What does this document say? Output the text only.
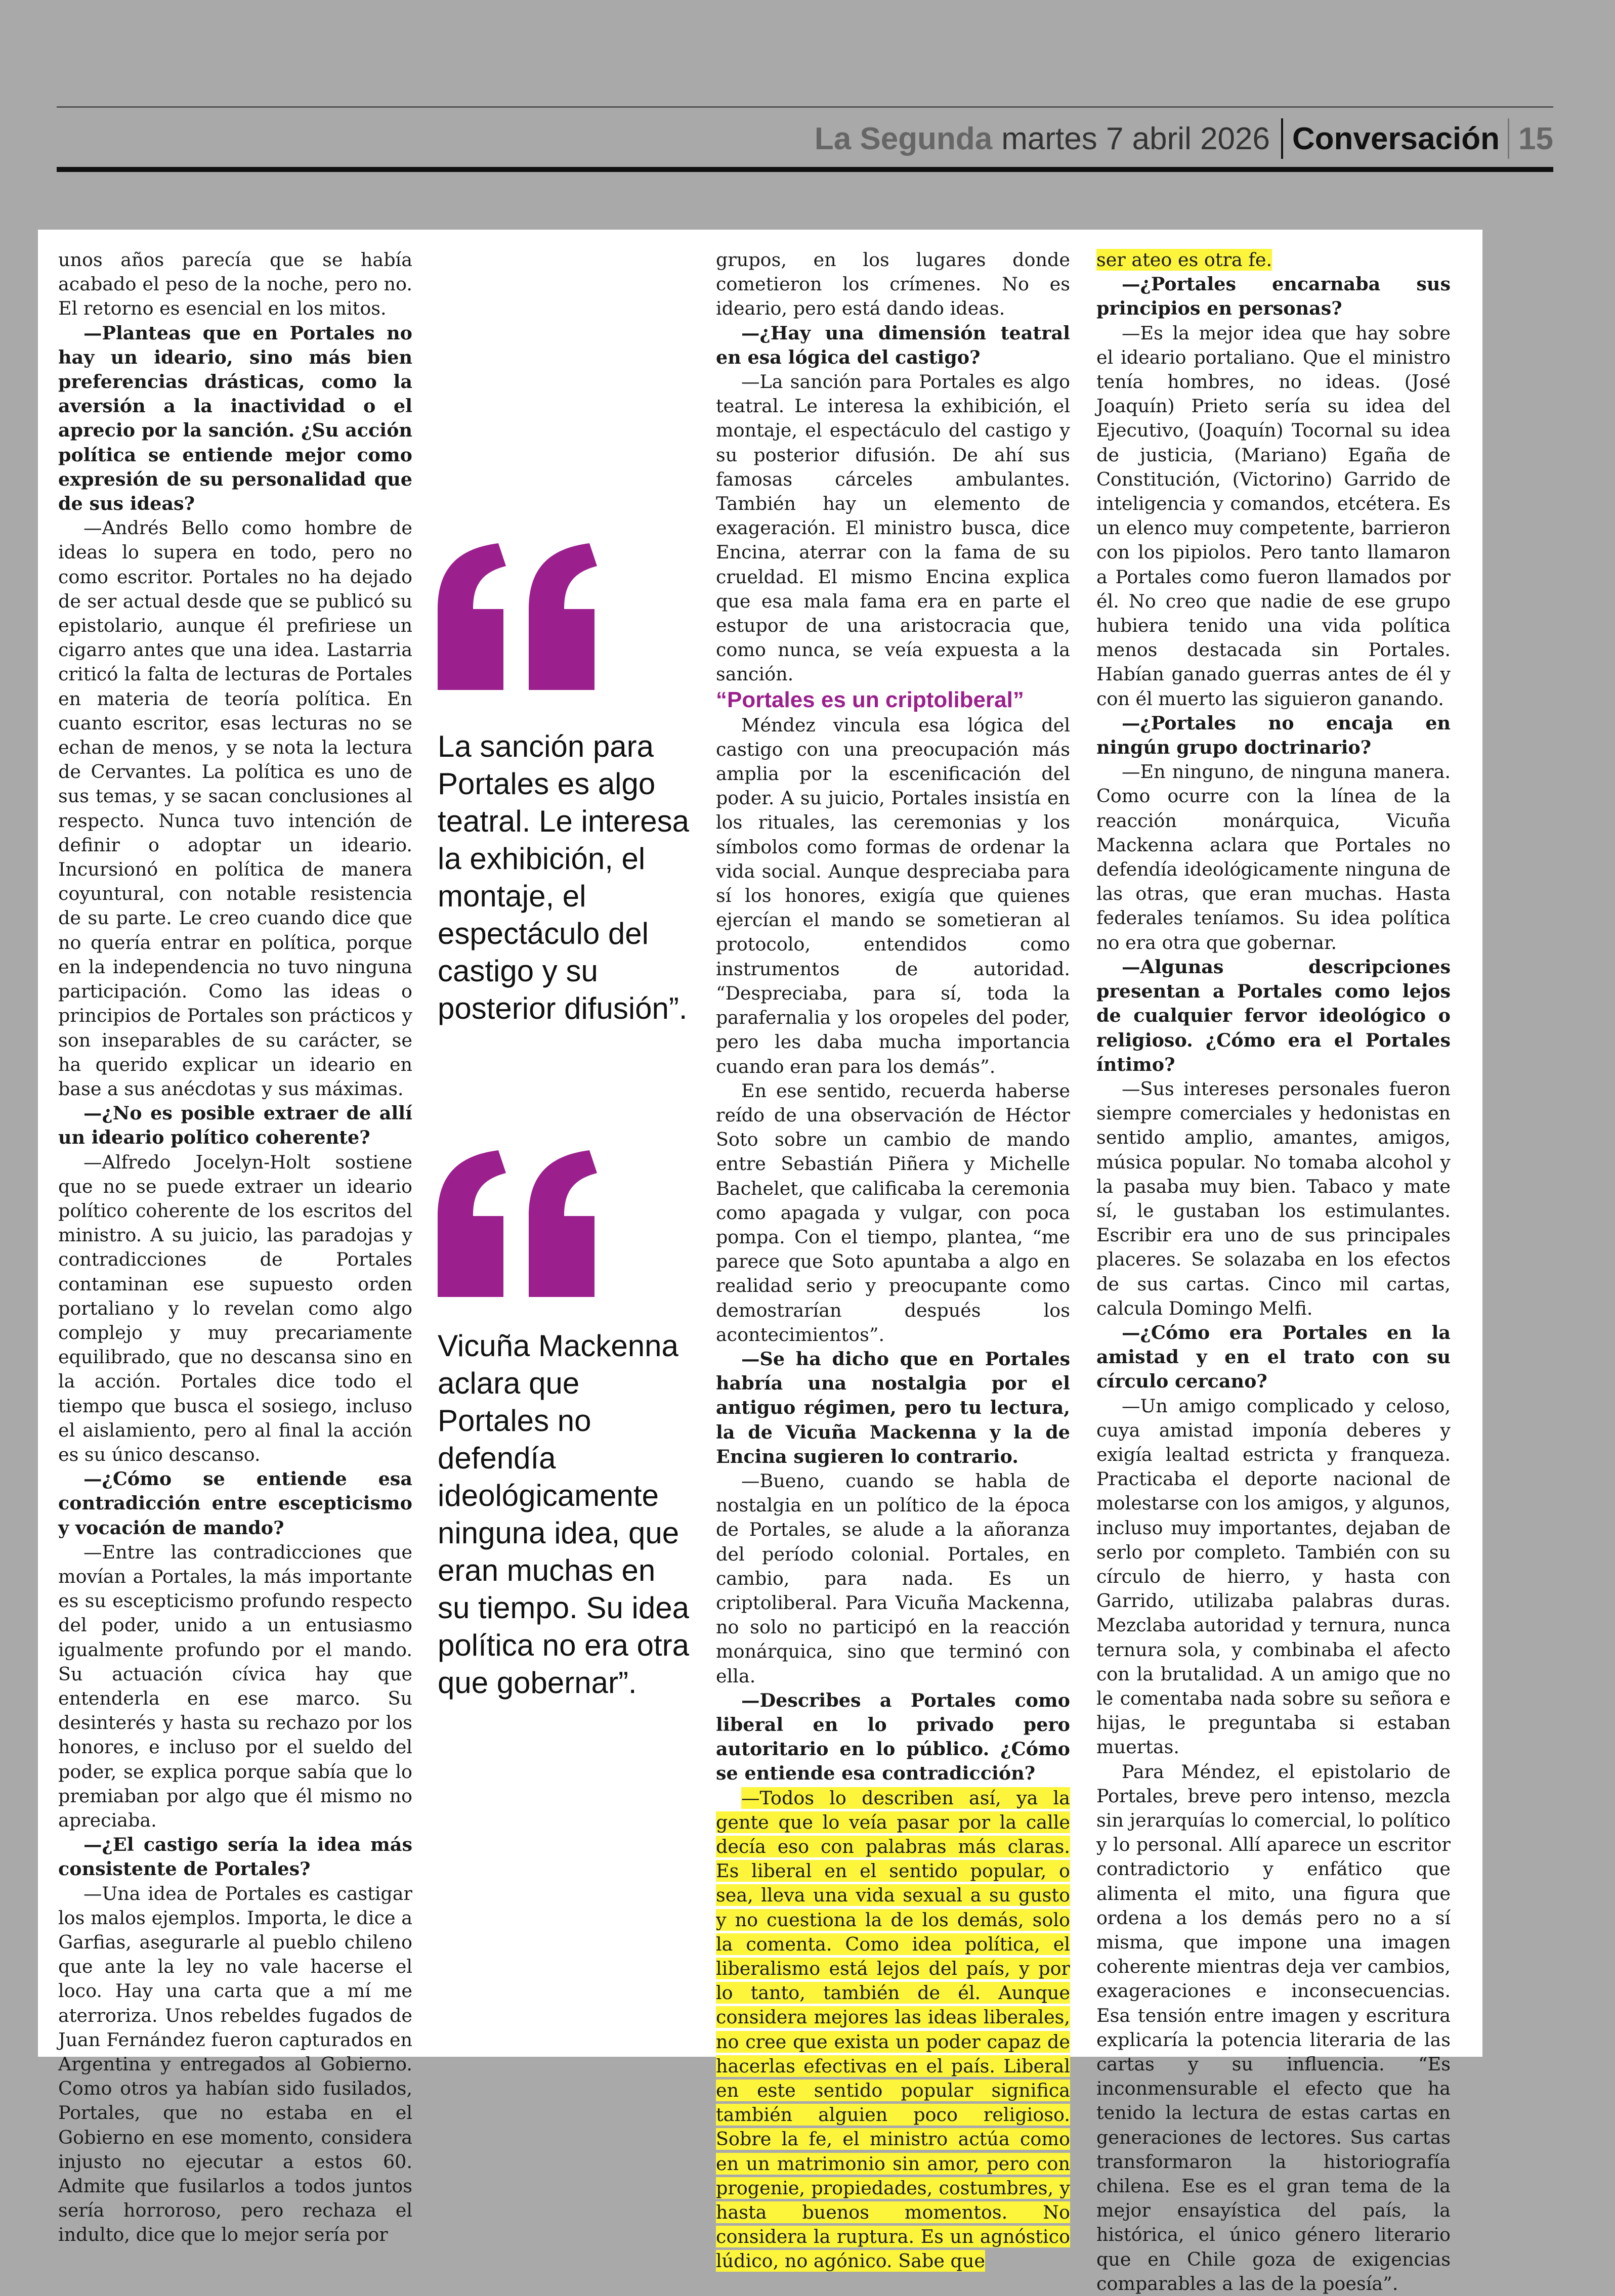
La Segunda martes 7 abril 2026 Conversación 15

unos años parecía que se había acabado el peso de la noche, pero no. El retorno es esencial en los mitos.

—Planteas que en Portales no hay un ideario, sino más bien preferencias drásticas, como la aversión a la inactividad o el aprecio por la sanción. ¿Su acción política se entiende mejor como expresión de su personalidad que de sus ideas?

—Andrés Bello como hombre de ideas lo supera en todo, pero no como escritor. Portales no ha dejado de ser actual desde que se publicó su epistolario, aunque él prefiriese un cigarro antes que una idea. Lastarria criticó la falta de lecturas de Portales en materia de teoría política. En cuanto escritor, esas lecturas no se echan de menos, y se nota la lectura de Cervantes. La política es uno de sus temas, y se sacan conclusiones al respecto. Nunca tuvo intención de definir o adoptar un ideario. Incursionó en política de manera coyuntural, con notable resistencia de su parte. Le creo cuando dice que no quería entrar en política, porque en la independencia no tuvo ninguna participación. Como las ideas o principios de Portales son prácticos y son inseparables de su carácter, se ha querido explicar un ideario en base a sus anécdotas y sus máximas.

—¿No es posible extraer de allí un ideario político coherente?

—Alfredo Jocelyn-Holt sostiene que no se puede extraer un ideario político coherente de los escritos del ministro. A su juicio, las paradojas y contradicciones de Portales contaminan ese supuesto orden portaliano y lo revelan como algo complejo y muy precariamente equilibrado, que no descansa sino en la acción. Portales dice todo el tiempo que busca el sosiego, incluso el aislamiento, pero al final la acción es su único descanso.

—¿Cómo se entiende esa contradicción entre escepticismo y vocación de mando?

—Entre las contradicciones que movían a Portales, la más importante es su escepticismo profundo respecto del poder, unido a un entusiasmo igualmente profundo por el mando. Su actuación cívica hay que entenderla en ese marco. Su desinterés y hasta su rechazo por los honores, e incluso por el sueldo del poder, se explica porque sabía que lo premiaban por algo que él mismo no apreciaba.

—¿El castigo sería la idea más consistente de Portales?

—Una idea de Portales es castigar los malos ejemplos. Importa, le dice a Garfias, asegurarle al pueblo chileno que ante la ley no vale hacerse el loco. Hay una carta que a mí me aterroriza. Unos rebeldes fugados de Juan Fernández fueron capturados en Argentina y entregados al Gobierno. Como otros ya habían sido fusilados, Portales, que no estaba en el Gobierno en ese momento, considera injusto no ejecutar a estos 60. Admite que fusilarlos a todos juntos sería horroroso, pero rechaza el indulto, dice que lo mejor sería por

La sanción para Portales es algo teatral. Le interesa la exhibición, el montaje, el espectáculo del castigo y su posterior difusión”.
Vicuña Mackenna aclara que Portales no defendía ideológicamente ninguna idea, que eran muchas en su tiempo. Su idea política no era otra que gobernar”.

grupos, en los lugares donde cometieron los crímenes. No es ideario, pero está dando ideas.

—¿Hay una dimensión teatral en esa lógica del castigo?

—La sanción para Portales es algo teatral. Le interesa la exhibición, el montaje, el espectáculo del castigo y su posterior difusión. De ahí sus famosas cárceles ambulantes. También hay un elemento de exageración. El ministro busca, dice Encina, aterrar con la fama de su crueldad. El mismo Encina explica que esa mala fama era en parte el estupor de una aristocracia que, como nunca, se veía expuesta a la sanción.

“Portales es un criptoliberal”

Méndez vincula esa lógica del castigo con una preocupación más amplia por la escenificación del poder. A su juicio, Portales insistía en los rituales, las ceremonias y los símbolos como formas de ordenar la vida social. Aunque despreciaba para sí los honores, exigía que quienes ejercían el mando se sometieran al protocolo, entendidos como instrumentos de autoridad. “Despreciaba, para sí, toda la parafernalia y los oropeles del poder, pero les daba mucha importancia cuando eran para los demás”.

En ese sentido, recuerda haberse reído de una observación de Héctor Soto sobre un cambio de mando entre Sebastián Piñera y Michelle Bachelet, que calificaba la ceremonia como apagada y vulgar, con poca pompa. Con el tiempo, plantea, “me parece que Soto apuntaba a algo en realidad serio y preocupante como demostrarían después los acontecimientos”.

—Se ha dicho que en Portales habría una nostalgia por el antiguo régimen, pero tu lectura, la de Vicuña Mackenna y la de Encina sugieren lo contrario.

—Bueno, cuando se habla de nostalgia en un político de la época de Portales, se alude a la añoranza del período colonial. Portales, en cambio, para nada. Es un criptoliberal. Para Vicuña Mackenna, no solo no participó en la reacción monárquica, sino que terminó con ella.

—Describes a Portales como liberal en lo privado pero autoritario en lo público. ¿Cómo se entiende esa contradicción?

—Todos lo describen así, ya la gente que lo veía pasar por la calle decía eso con palabras más claras. Es liberal en el sentido popular, o sea, lleva una vida sexual a su gusto y no cuestiona la de los demás, solo la comenta. Como idea política, el liberalismo está lejos del país, y por lo tanto, también de él. Aunque considera mejores las ideas liberales, no cree que exista un poder capaz de hacerlas efectivas en el país. Liberal en este sentido popular significa también alguien poco religioso. Sobre la fe, el ministro actúa como en un matrimonio sin amor, pero con progenie, propiedades, costumbres, y hasta buenos momentos. No considera la ruptura. Es un agnóstico lúdico, no agónico. Sabe que

ser ateo es otra fe.

—¿Portales encarnaba sus principios en personas?

—Es la mejor idea que hay sobre el ideario portaliano. Que el ministro tenía hombres, no ideas. (José Joaquín) Prieto sería su idea del Ejecutivo, (Joaquín) Tocornal su idea de justicia, (Mariano) Egaña de Constitución, (Victorino) Garrido de inteligencia y comandos, etcétera. Es un elenco muy competente, barrieron con los pipiolos. Pero tanto llamaron a Portales como fueron llamados por él. No creo que nadie de ese grupo hubiera tenido una vida política menos destacada sin Portales. Habían ganado guerras antes de él y con él muerto las siguieron ganando.

—¿Portales no encaja en ningún grupo doctrinario?

—En ninguno, de ninguna manera. Como ocurre con la línea de la reacción monárquica, Vicuña Mackenna aclara que Portales no defendía ideológicamente ninguna de las otras, que eran muchas. Hasta federales teníamos. Su idea política no era otra que gobernar.

—Algunas descripciones presentan a Portales como lejos de cualquier fervor ideológico o religioso. ¿Cómo era el Portales íntimo?

—Sus intereses personales fueron siempre comerciales y hedonistas en sentido amplio, amantes, amigos, música popular. No tomaba alcohol y la pasaba muy bien. Tabaco y mate sí, le gustaban los estimulantes. Escribir era uno de sus principales placeres. Se solazaba en los efectos de sus cartas. Cinco mil cartas, calcula Domingo Melfi.

—¿Cómo era Portales en la amistad y en el trato con su círculo cercano?

—Un amigo complicado y celoso, cuya amistad imponía deberes y exigía lealtad estricta y franqueza. Practicaba el deporte nacional de molestarse con los amigos, y algunos, incluso muy importantes, dejaban de serlo por completo. También con su círculo de hierro, y hasta con Garrido, utilizaba palabras duras. Mezclaba autoridad y ternura, nunca ternura sola, y combinaba el afecto con la brutalidad. A un amigo que no le comentaba nada sobre su señora e hijas, le preguntaba si estaban muertas.

Para Méndez, el epistolario de Portales, breve pero intenso, mezcla sin jerarquías lo comercial, lo político y lo personal. Allí aparece un escritor contradictorio y enfático que alimenta el mito, una figura que ordena a los demás pero no a sí misma, que impone una imagen coherente mientras deja ver cambios, exageraciones e inconsecuencias. Esa tensión entre imagen y escritura explicaría la potencia literaria de las cartas y su influencia. “Es inconmensurable el efecto que ha tenido la lectura de estas cartas en generaciones de lectores. Sus cartas transformaron la historiografía chilena. Ese es el gran tema de la mejor ensayística del país, la histórica, el único género literario que en Chile goza de exigencias comparables a las de la poesía”.
